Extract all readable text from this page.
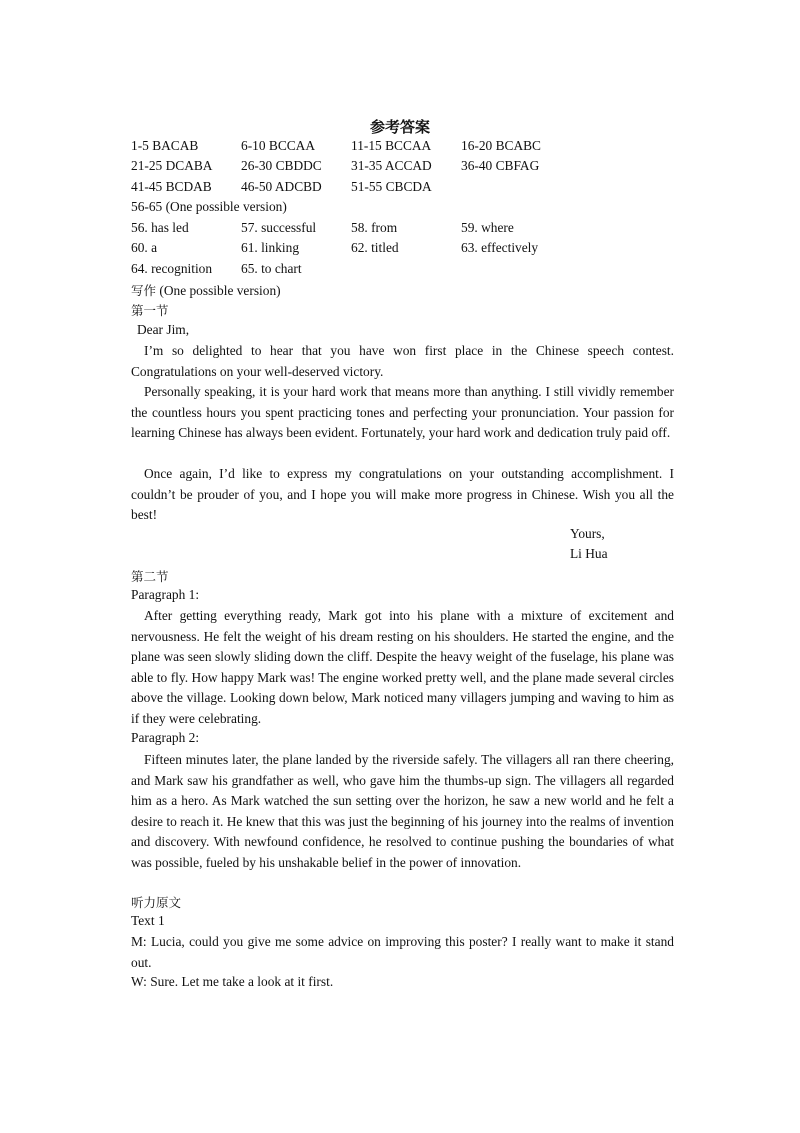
参考答案
1-5 BACAB	6-10 BCCAA	11-15 BCCAA 16-20 BCABC
21-25 DCABA 26-30 CBDDC 31-35 ACCAD 36-40 CBFAG
41-45 BCDAB 46-50 ADCBD 51-55 CBCDA
56-65 (One possible version)
56. has led	57. successful	58. from	59. where
60. a	61. linking	62. titled	63. effectively
64. recognition 65. to chart
写作 (One possible version)
第一节
Dear Jim,

I’m so delighted to hear that you have won first place in the Chinese speech contest. Congratulations on your well-deserved victory.

Personally speaking, it is your hard work that means more than anything. I still vividly remember the countless hours you spent practicing tones and perfecting your pronunciation. Your passion for learning Chinese has always been evident. Fortunately, your hard work and dedication truly paid off.

Once again, I’d like to express my congratulations on your outstanding accomplishment. I couldn’t be prouder of you, and I hope you will make more progress in Chinese. Wish you all the best!

Yours,
Li Hua
第二节
Paragraph 1:

After getting everything ready, Mark got into his plane with a mixture of excitement and nervousness. He felt the weight of his dream resting on his shoulders. He started the engine, and the plane was seen slowly sliding down the cliff. Despite the heavy weight of the fuselage, his plane was able to fly. How happy Mark was! The engine worked pretty well, and the plane made several circles above the village. Looking down below, Mark noticed many villagers jumping and waving to him as if they were celebrating.

Paragraph 2:

Fifteen minutes later, the plane landed by the riverside safely. The villagers all ran there cheering, and Mark saw his grandfather as well, who gave him the thumbs-up sign. The villagers all regarded him as a hero. As Mark watched the sun setting over the horizon, he saw a new world and he felt a desire to reach it. He knew that this was just the beginning of his journey into the realms of invention and discovery. With newfound confidence, he resolved to continue pushing the boundaries of what was possible, fueled by his unshakable belief in the power of innovation.

听力原文
Text 1

M: Lucia, could you give me some advice on improving this poster? I really want to make it stand out.

W: Sure. Let me take a look at it first.
